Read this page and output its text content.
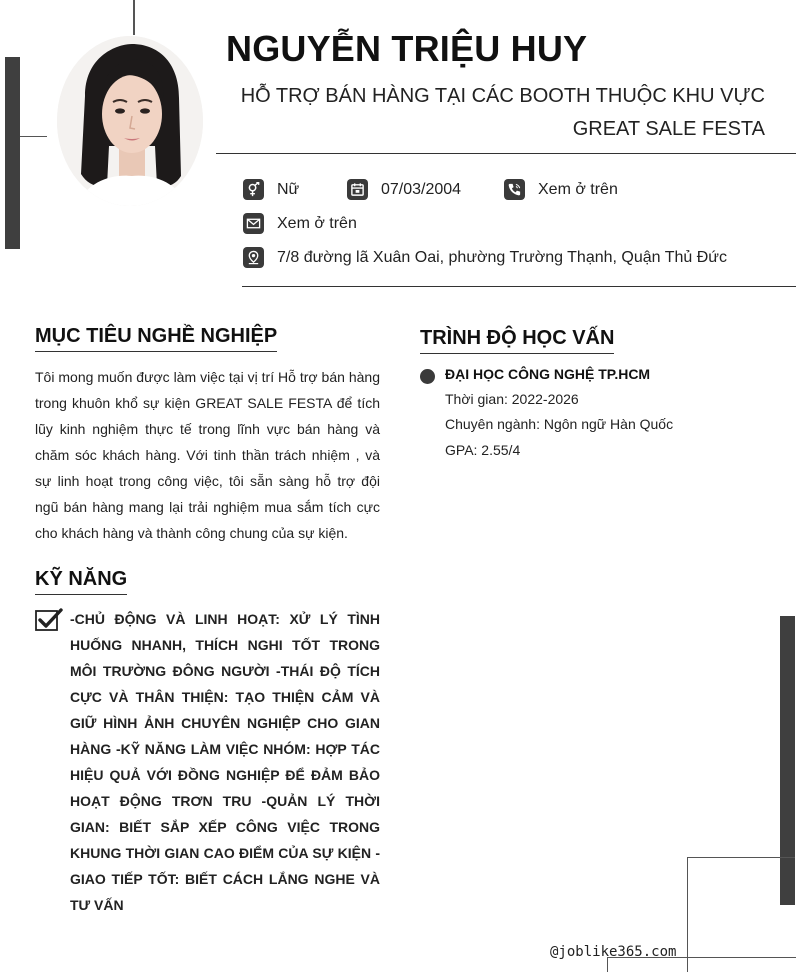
NGUYỄN TRIỆU HUY
HỖ TRỢ BÁN HÀNG TẠI CÁC BOOTH THUỘC KHU VỰC
GREAT SALE FESTA
Nữ	07/03/2004	Xem ở trên
Xem ở trên
7/8 đường lã Xuân Oai, phường Trường Thạnh, Quận Thủ Đức
MỤC TIÊU NGHỀ NGHIỆP
Tôi mong muốn được làm việc tại vị trí Hỗ trợ bán hàng trong khuôn khổ sự kiện GREAT SALE FESTA để tích lũy kinh nghiệm thực tế trong lĩnh vực bán hàng và chăm sóc khách hàng. Với tinh thần trách nhiệm , và sự linh hoạt trong công việc, tôi sẵn sàng hỗ trợ đội ngũ bán hàng mang lại trải nghiệm mua sắm tích cực cho khách hàng và thành công chung của sự kiện.
TRÌNH ĐỘ HỌC VẤN
ĐẠI HỌC CÔNG NGHỆ TP.HCM
Thời gian: 2022-2026
Chuyên ngành: Ngôn ngữ Hàn Quốc
GPA: 2.55/4
KỸ NĂNG
-CHỦ ĐỘNG VÀ LINH HOẠT: XỬ LÝ TÌNH HUỐNG NHANH, THÍCH NGHI TỐT TRONG MÔI TRƯỜNG ĐÔNG NGƯỜI -THÁI ĐỘ TÍCH CỰC VÀ THÂN THIỆN: TẠO THIỆN CẢM VÀ GIỮ HÌNH ẢNH CHUYÊN NGHIỆP CHO GIAN HÀNG -KỸ NĂNG LÀM VIỆC NHÓM: HỢP TÁC HIỆU QUẢ VỚI ĐỒNG NGHIỆP ĐỂ ĐẢM BẢO HOẠT ĐỘNG TRƠN TRU -QUẢN LÝ THỜI GIAN: BIẾT SẮP XẾP CÔNG VIỆC TRONG KHUNG THỜI GIAN CAO ĐIỂM CỦA SỰ KIỆN -GIAO TIẾP TỐT: BIẾT CÁCH LẮNG NGHE VÀ TƯ VẤN
@joblike365.com
